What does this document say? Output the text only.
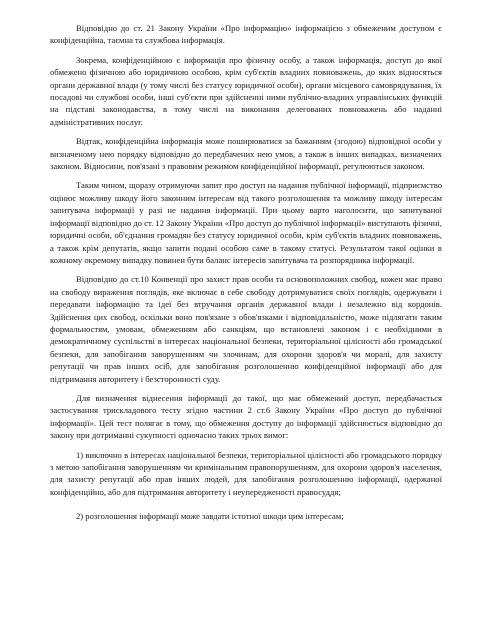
Відповідно до ст. 21 Закону України «Про інформацію» інформацією з обмеженим доступом є конфіденційна, таємна та службова інформація.

Зокрема, конфіденційною є інформація про фізичну особу, а також інформація, доступ до якої обмежено фізичною або юридичною особою, крім суб'єктів владних повноважень, до яких відносяться органи державної влади (у тому числі без статусу юридичної особи), органи місцевого самоврядування, їх посадові чи службові особи, інші суб'єкти при здійсненні ними публічно-владних управлінських функцій на підставі законодавства, в тому числі на виконання делегованих повноважень або наданні адміністративних послуг.

Відтак, конфіденційна інформація може поширюватися за бажанням (згодою) відповідної особи у визначеному нею порядку відповідно до передбачених нею умов, а також в інших випадках, визначених законом. Відносини, пов'язані з правовим режимом конфіденційної інформації, регулюються законом.

Таким чином, щоразу отримуючи запит про доступ на надання публічної інформації, підприємство оцінює можливу шкоду його законним інтересам від такого розголошення та можливу шкоду інтересам запитувача інформації у разі не надання інформації. При цьому варто наголосити, що запитуваної інформації відповідно до ст. 12 Закону України «Про доступ до публічної інформації» виступають фізичні, юридичні особи, об'єднання громадян без статусу юридичної особи, крім суб'єктів владних повноважень, а також крім депутатів, якщо запити подані особою саме в такому статусі. Результатом такої оцінки в кожному окремому випадку повинен бути баланс інтересів запитувача та розпорядника інформації.

Відповідно до ст.10 Конвенції про захист прав особи та основоположних свобод, кожен має право на свободу вираження поглядів, яке включає в себе свободу дотримуватися своїх поглядів, одержувати і передавати інформацію та ідеї без втручання органів державної влади і незалежно від кордонів. Здійснення цих свобод, оскільки воно пов'язане з обов'язками і відповідальністю, може підлягати таким формальностям, умовам, обмеженням або санкціям, що встановлені законом і є необхідними в демократичному суспільстві в інтересах національної безпеки, територіальної цілісності або громадської безпеки, для запобігання заворушенням чи злочинам, для охорони здоров'я чи моралі, для захисту репутації чи прав інших осіб, для запобігання розголошенню конфіденційної інформації або для підтримання авторитету і безсторонності суду.

Для визначення віднесення інформації до такої, що має обмежений доступ, передбачається застосування трискладового тесту згідно частини 2 ст.6 Закону України «Про доступ до публічної інформації». Цей тест полягає в тому, що обмеження доступу до інформації здійснюється відповідно до закону при дотриманні сукупності одночасно таких трьох вимог:

1) виключно в інтересах національної безпеки, територіальної цілісності або громадського порядку з метою запобігання заворушенням чи кримінальним правопорушенням, для охорони здоров'я населення, для захисту репутації або прав інших людей, для запобігання розголошенню інформації, одержаної конфіденційно, або для підтримання авторитету і неупередженості правосуддя;

2) розголошення інформації може завдати істотної шкоди цим інтересам;
